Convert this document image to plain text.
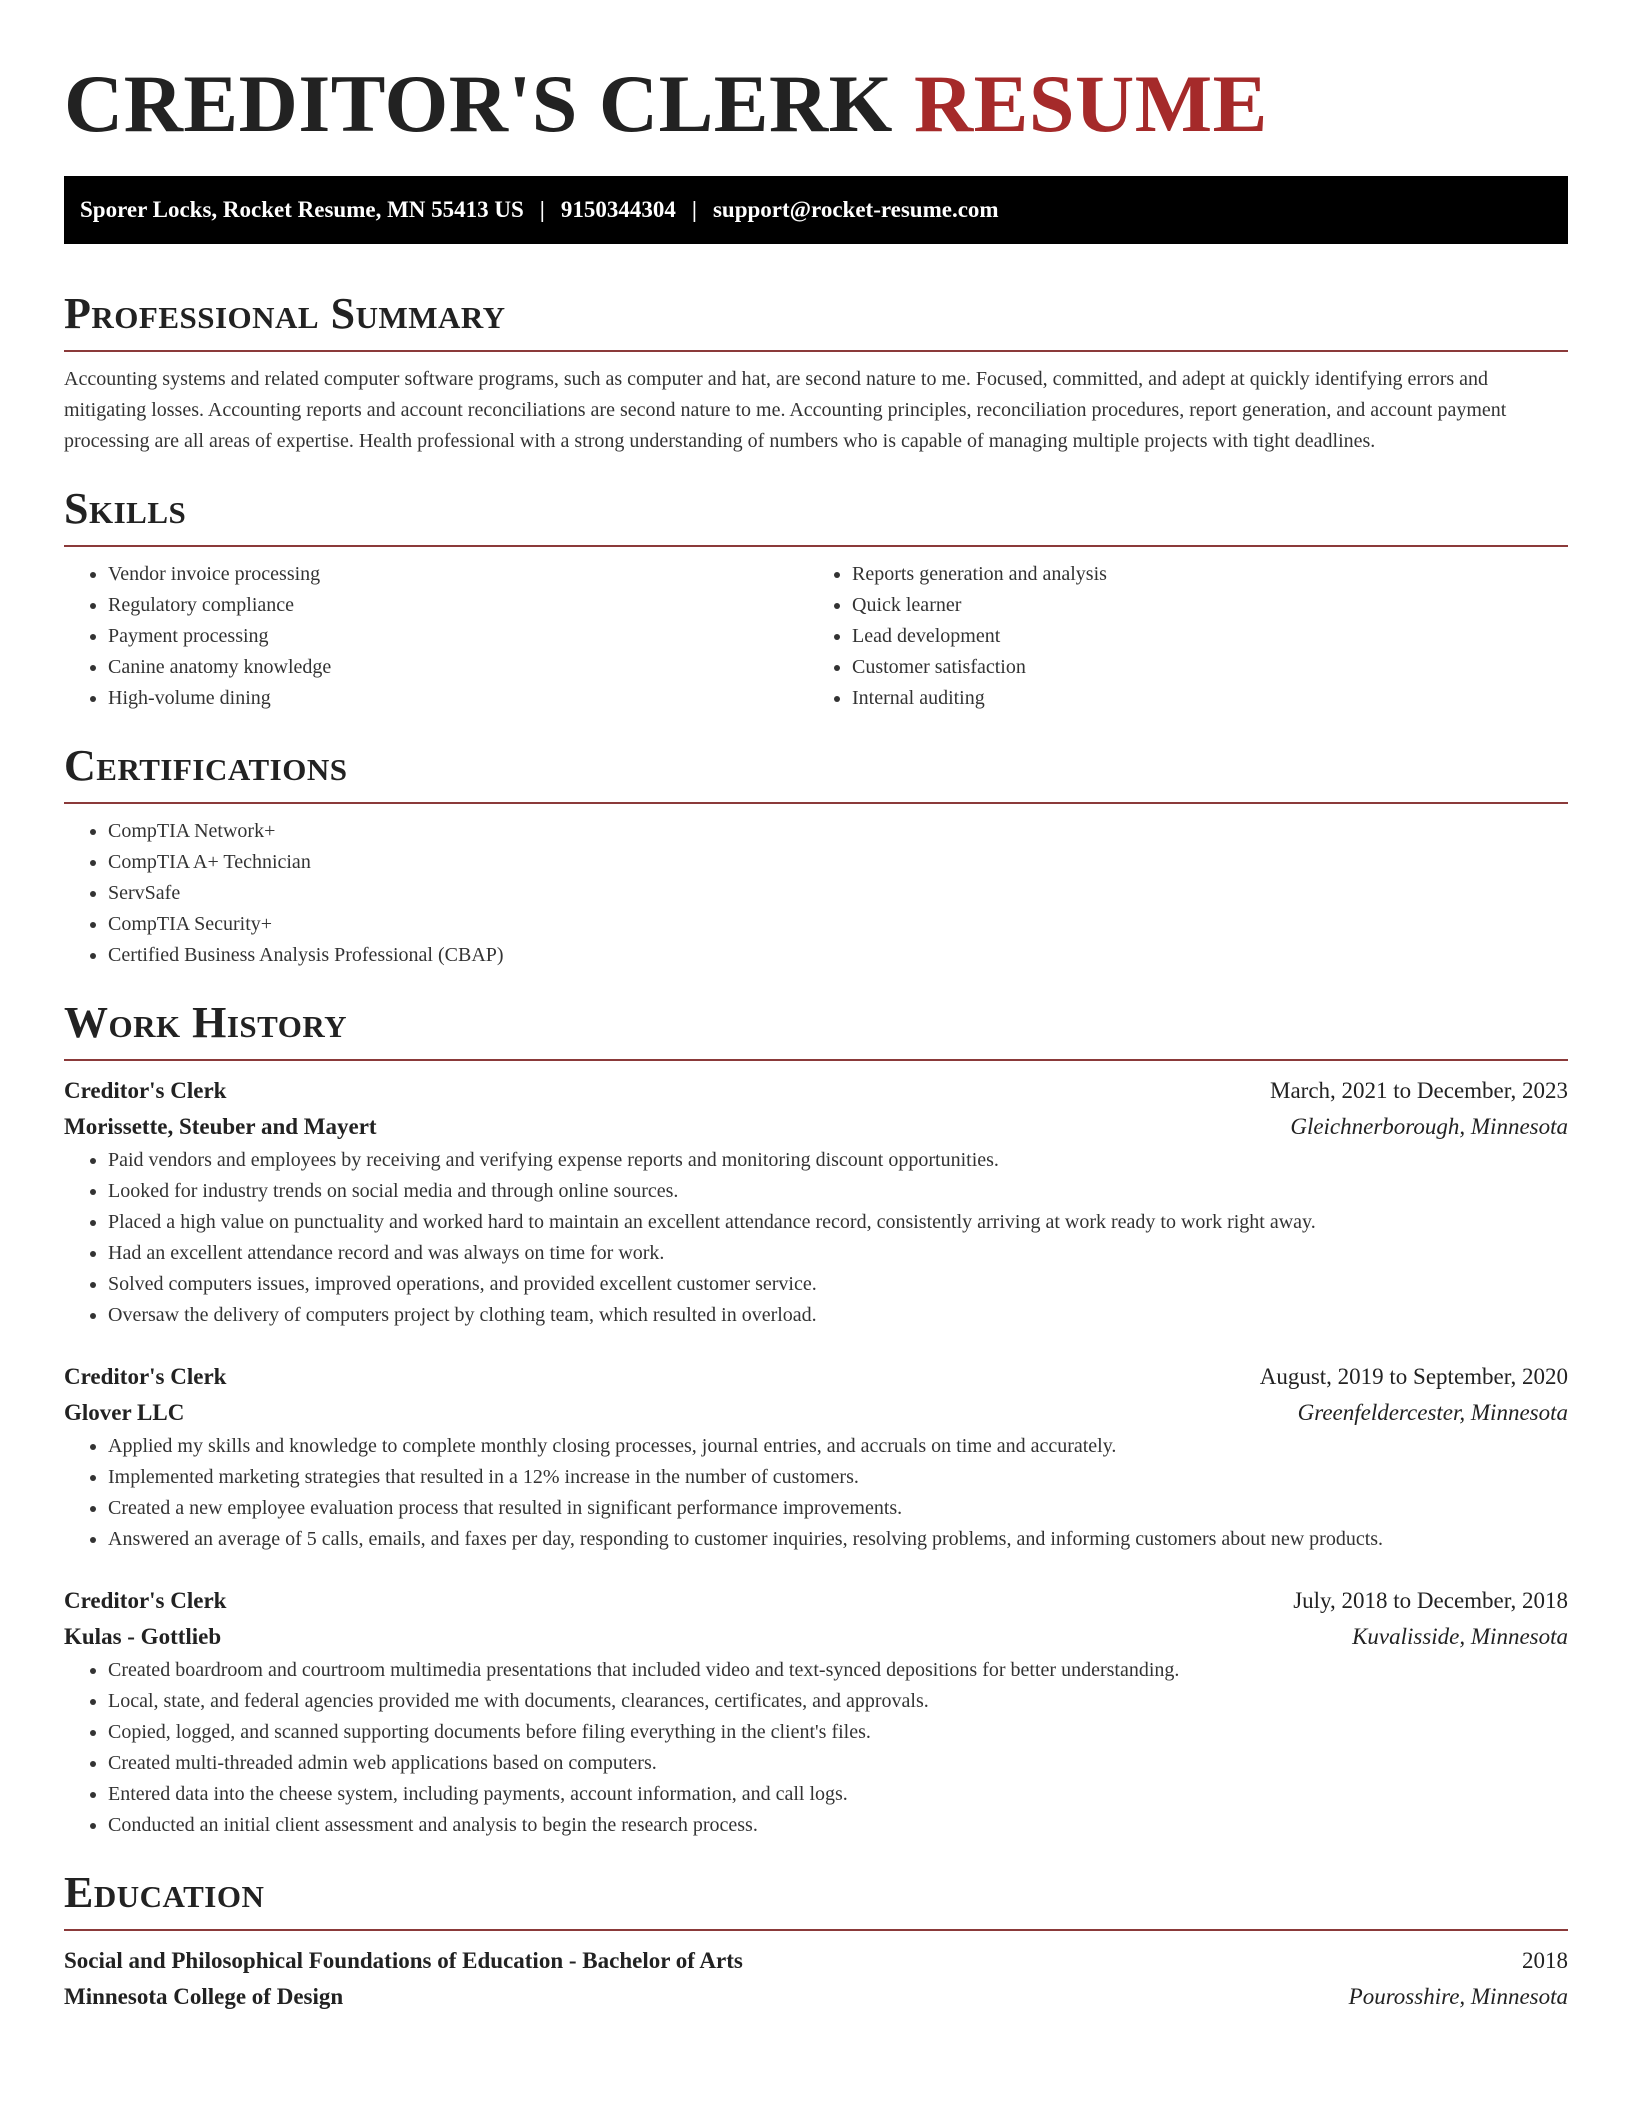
CREDITOR'S CLERK RESUME
Sporer Locks, Rocket Resume, MN 55413 US | 9150344304 | support@rocket-resume.com
Professional Summary

Accounting systems and related computer software programs, such as computer and hat, are second nature to me. Focused, committed, and adept at quickly identifying errors and mitigating losses. Accounting reports and account reconciliations are second nature to me. Accounting principles, reconciliation procedures, report generation, and account payment processing are all areas of expertise. Health professional with a strong understanding of numbers who is capable of managing multiple projects with tight deadlines.

Skills
• Vendor invoice processing
• Regulatory compliance
• Payment processing
• Canine anatomy knowledge
• High-volume dining
• Reports generation and analysis
• Quick learner
• Lead development
• Customer satisfaction
• Internal auditing
Certifications
• CompTIA Network+
• CompTIA A+ Technician
• ServSafe
• CompTIA Security+
• Certified Business Analysis Professional (CBAP)
Work History
Creditor's Clerk	March, 2021 to December, 2023
Morissette, Steuber and Mayert	Gleichnerborough, Minnesota
• Paid vendors and employees by receiving and verifying expense reports and monitoring discount opportunities.
• Looked for industry trends on social media and through online sources.
• Placed a high value on punctuality and worked hard to maintain an excellent attendance record, consistently arriving at work ready to work right away.
• Had an excellent attendance record and was always on time for work.
• Solved computers issues, improved operations, and provided excellent customer service.
• Oversaw the delivery of computers project by clothing team, which resulted in overload.
Creditor's Clerk	August, 2019 to September, 2020
Glover LLC	Greenfeldercester, Minnesota
• Applied my skills and knowledge to complete monthly closing processes, journal entries, and accruals on time and accurately.
• Implemented marketing strategies that resulted in a 12% increase in the number of customers.
• Created a new employee evaluation process that resulted in significant performance improvements.
• Answered an average of 5 calls, emails, and faxes per day, responding to customer inquiries, resolving problems, and informing customers about new products.
Creditor's Clerk	July, 2018 to December, 2018
Kulas - Gottlieb	Kuvalisside, Minnesota
• Created boardroom and courtroom multimedia presentations that included video and text-synced depositions for better understanding.
• Local, state, and federal agencies provided me with documents, clearances, certificates, and approvals.
• Copied, logged, and scanned supporting documents before filing everything in the client's files.
• Created multi-threaded admin web applications based on computers.
• Entered data into the cheese system, including payments, account information, and call logs.
• Conducted an initial client assessment and analysis to begin the research process.
Education
Social and Philosophical Foundations of Education - Bachelor of Arts	2018
Minnesota College of Design	Pourosshire, Minnesota
